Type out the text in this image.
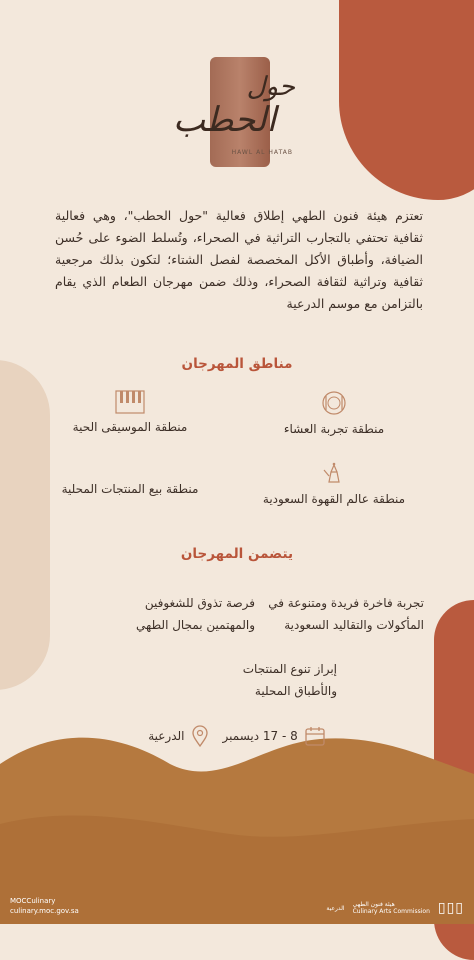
حول
الحطب
HAWL AL HATAB
تعتزم هيئة فنون الطهي إطلاق فعالية "حول الحطب"، وهي فعالية ثقافية تحتفي بالتجارب التراثية في الصحراء، وتُسلط الضوء على حُسن الضيافة، وأطباق الأكل المخصصة لفصل الشتاء؛ لتكون بذلك مرجعية ثقافية وتراثية لثقافة الصحراء، وذلك ضمن مهرجان الطعام الذي يقام بالتزامن مع موسم الدرعية
مناطق المهرجان
منطقة تجربة العشاء
منطقة الموسيقى الحية
منطقة عالم القهوة السعودية
منطقة بيع المنتجات المحلية
يتضمن المهرجان
تجربة فاخرة فريدة ومتنوعة في
المأكولات والتقاليد السعودية
فرصة تذوق للشغوفين
والمهتمين بمجال الطهي
إبراز تنوع المنتجات
والأطباق المحلية
8 - 17 ديسمبر
الدرعية
MOCCulinary
culinary.moc.gov.sa	الدرعية هيئة فنون الطهي
Culinary Arts Commission ▯▯▯
